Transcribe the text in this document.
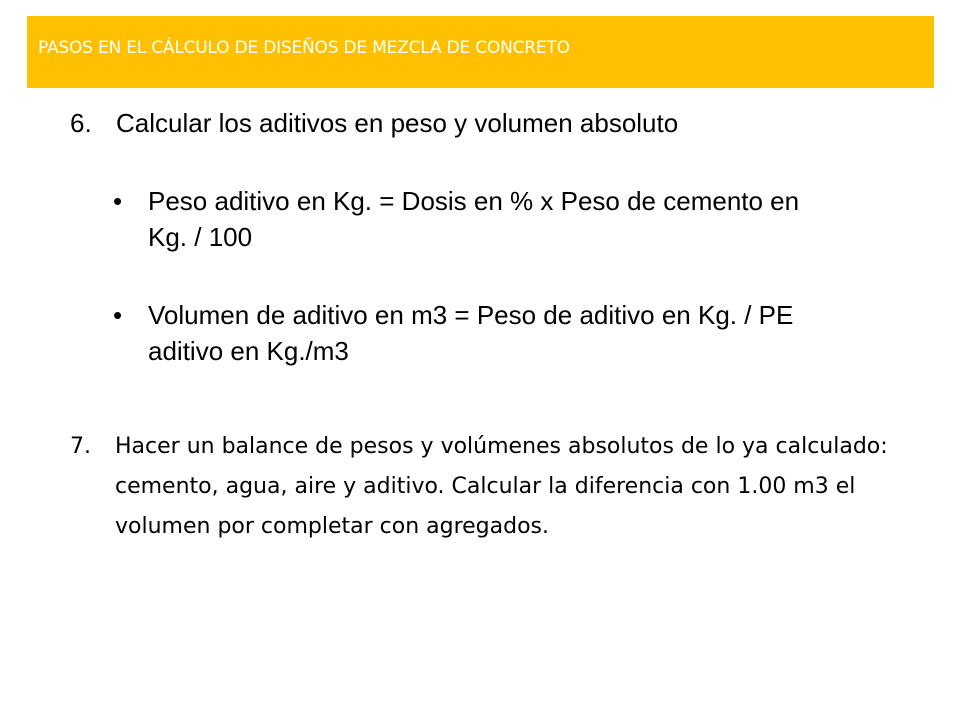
PASOS EN EL CÁLCULO DE DISEÑOS DE MEZCLA DE CONCRETO
6. Calcular los aditivos en peso y volumen absoluto
• Peso aditivo en Kg. = Dosis en % x Peso de cemento en Kg. / 100
• Volumen de aditivo en m3 = Peso de aditivo en Kg. / PE aditivo en Kg./m3
7. Hacer un balance de pesos y volúmenes absolutos de lo ya calculado: cemento, agua, aire y aditivo. Calcular la diferencia con 1.00 m3 el volumen por completar con agregados.
